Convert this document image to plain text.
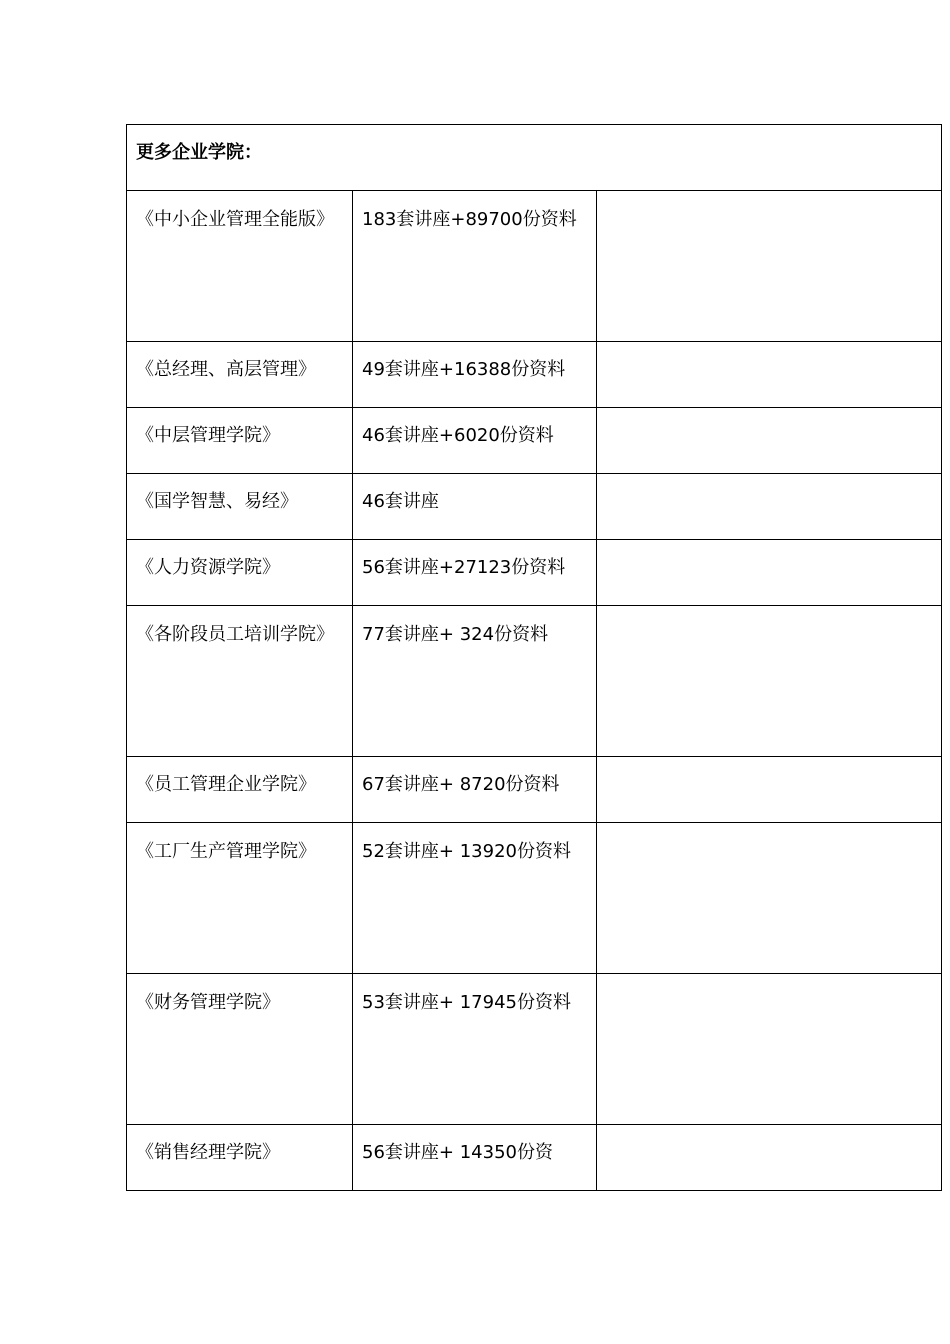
更多企业学院：		

《中小企业管理全能版》	183套讲座+89700份资料	

《总经理、高层管理》	49套讲座+16388份资料	

《中层管理学院》	46套讲座+6020份资料	

《国学智慧、易经》	46套讲座	

《人力资源学院》	56套讲座+27123份资料	

《各阶段员工培训学院》	77套讲座+ 324份资料	

《员工管理企业学院》	67套讲座+ 8720份资料	

《工厂生产管理学院》	52套讲座+ 13920份资料	

《财务管理学院》	53套讲座+ 17945份资料	

《销售经理学院》	56套讲座+ 14350份资	
